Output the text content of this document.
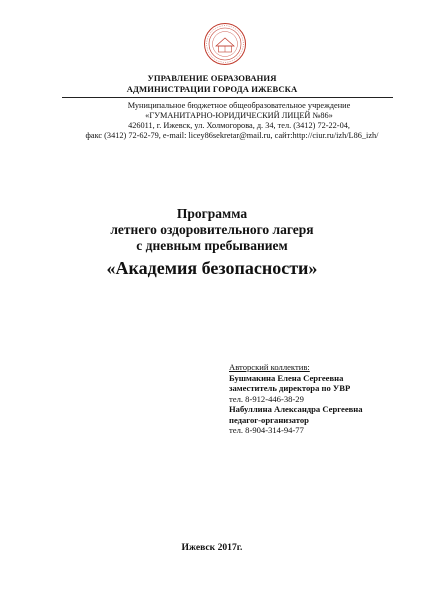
УПРАВЛЕНИЕ ОБРАЗОВАНИЯ
АДМИНИСТРАЦИИ ГОРОДА ИЖЕВСКА
Муниципальное бюджетное общеобразовательное учреждение
«ГУМАНИТАРНО-ЮРИДИЧЕСКИЙ ЛИЦЕЙ №86»
426011, г. Ижевск, ул. Холмогорова, д. 34, тел. (3412) 72-22-04,
факс (3412) 72-62-79, e-mail: licey86sekretar@mail.ru, сайт:http://ciur.ru/izh/L86_izh/
Программа
летнего оздоровительного лагеря
с дневным пребыванием
«Академия безопасности»
Авторский коллектив:
Бушмакина Елена Сергеевна
заместитель директора по УВР
тел. 8-912-446-38-29
Набуллина Александра Сергеевна
педагог-организатор
тел. 8-904-314-94-77
Ижевск 2017г.
